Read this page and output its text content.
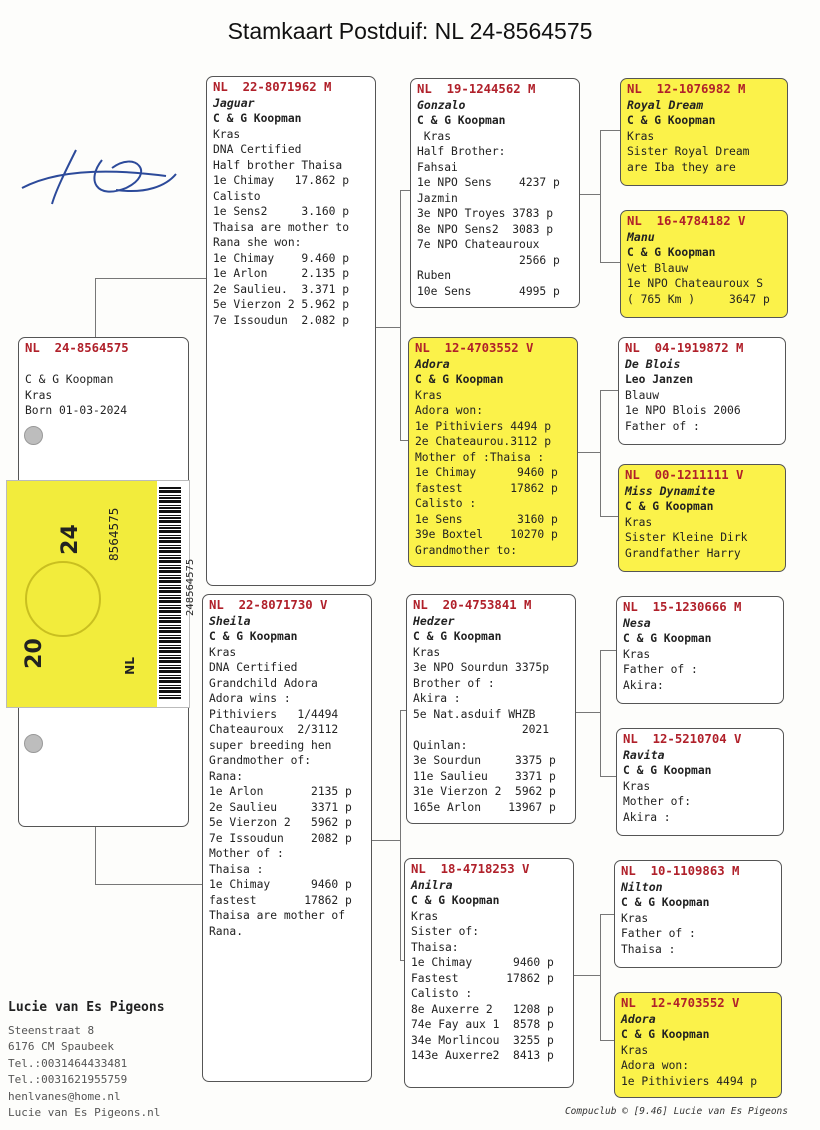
Stamkaart Postduif: NL 24-8564575
NL  24-8564575

C & G Koopman
Kras
Born 01-03-2024
NL  22-8071962 M
Jaguar
C & G Koopman
Kras
DNA Certified
Half brother Thaisa
1e Chimay   17.862 p
Calisto
1e Sens2     3.160 p
Thaisa are mother to
Rana she won:
1e Chimay    9.460 p
1e Arlon     2.135 p
2e Saulieu.  3.371 p
5e Vierzon 2 5.962 p
7e Issoudun  2.082 p
NL  22-8071730 V
Sheila
C & G Koopman
Kras
DNA Certified
Grandchild Adora
Adora wins :
Pithiviers   1/4494
Chateauroux  2/3112
super breeding hen
Grandmother of:
Rana:
1e Arlon       2135 p
2e Saulieu     3371 p
5e Vierzon 2   5962 p
7e Issoudun    2082 p
Mother of :
Thaisa :
1e Chimay      9460 p
fastest       17862 p
Thaisa are mother of
Rana.
NL  19-1244562 M
Gonzalo
C & G Koopman
Kras
Half Brother:
Fahsai
1e NPO Sens    4237 p
Jazmin
3e NPO Troyes 3783 p
8e NPO Sens2  3083 p
7e NPO Chateauroux
2566 p
Ruben
10e Sens       4995 p
NL  12-4703552 V
Adora
C & G Koopman
Kras
Adora won:
1e Pithiviers 4494 p
2e Chateaurou.3112 p
Mother of :Thaisa :
1e Chimay      9460 p
fastest       17862 p
Calisto :
1e Sens        3160 p
39e Boxtel    10270 p
Grandmother to:
NL  20-4753841 M
Hedzer
C & G Koopman
Kras
3e NPO Sourdun 3375p
Brother of :
Akira :
5e Nat.asduif WHZB
2021
Quinlan:
3e Sourdun     3375 p
11e Saulieu    3371 p
31e Vierzon 2  5962 p
165e Arlon    13967 p
NL  18-4718253 V
Anilra
C & G Koopman
Kras
Sister of:
Thaisa:
1e Chimay      9460 p
Fastest       17862 p
Calisto :
8e Auxerre 2   1208 p
74e Fay aux 1  8578 p
34e Morlincou  3255 p
143e Auxerre2  8413 p
NL  12-1076982 M
Royal Dream
C & G Koopman
Kras
Sister Royal Dream
are Iba they are
NL  16-4784182 V
Manu
C & G Koopman
Vet Blauw
1e NPO Chateauroux S
( 765 Km )     3647 p
NL  04-1919872 M
De Blois
Leo Janzen
Blauw
1e NPO Blois 2006
Father of :
NL  00-1211111 V
Miss Dynamite
C & G Koopman
Kras
Sister Kleine Dirk
Grandfather Harry
NL  15-1230666 M
Nesa
C & G Koopman
Kras
Father of :
Akira:
NL  12-5210704 V
Ravita
C & G Koopman
Kras
Mother of:
Akira :
NL  10-1109863 M
Nilton
C & G Koopman
Kras
Father of :
Thaisa :
NL  12-4703552 V
Adora
C & G Koopman
Kras
Adora won:
1e Pithiviers 4494 p
24
20	NL
8564575
248564575
Lucie van Es Pigeons
Steenstraat 8
6176 CM Spaubeek
Tel.:0031464433481
Tel.:0031621955759
henlvanes@home.nl
Lucie van Es Pigeons.nl	Compuclub © [9.46] Lucie van Es Pigeons
